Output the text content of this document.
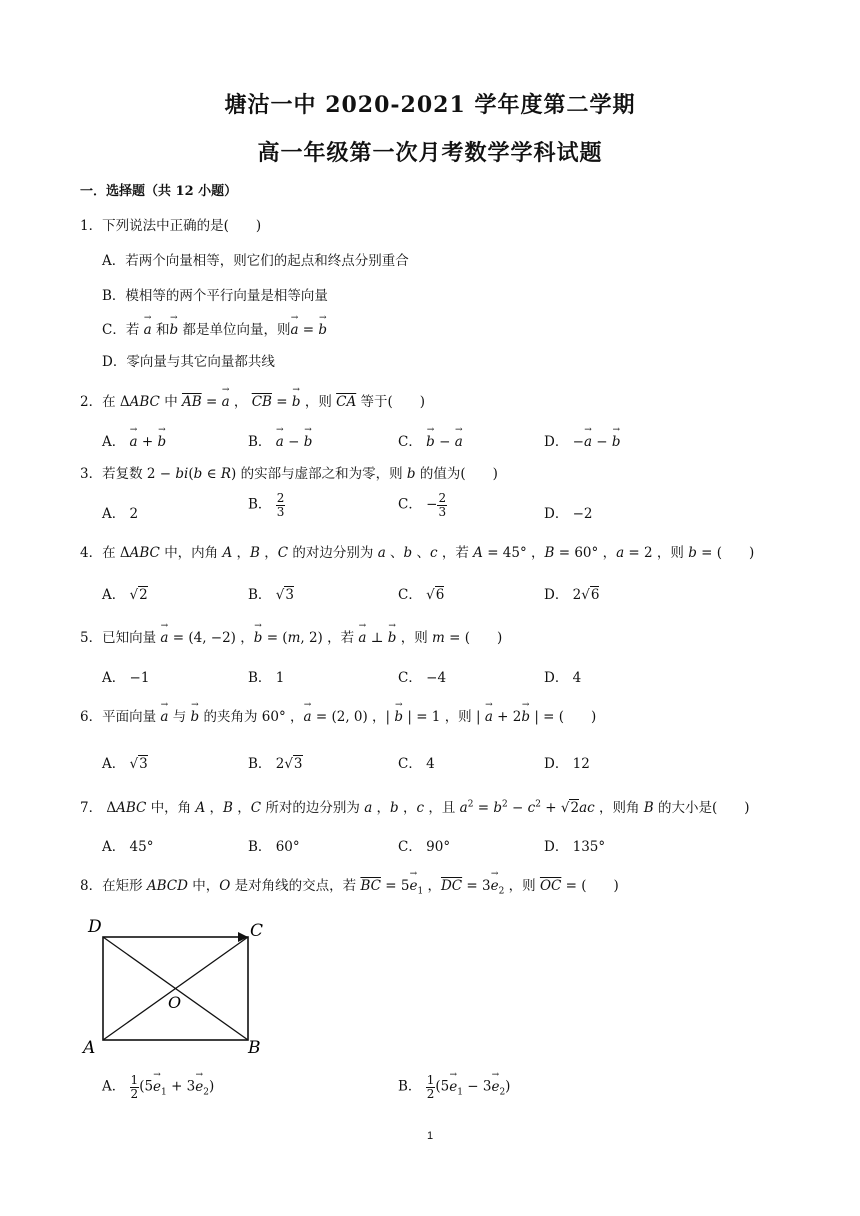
塘沽一中 2020-2021 学年度第二学期
高一年级第一次月考数学学科试题
一．选择题（共 12 小题）
1．下列说法中正确的是(　　)
A．若两个向量相等，则它们的起点和终点分别重合
B．模相等的两个平行向量是相等向量
C．若 a → 和b → 都是单位向量，则a → = b →
D．零向量与其它向量都共线
2．在 ΔABC 中 $\overline{AB} = a$ → ， $\overline{CB} = b$ → ，则 $\overline{CA}$ 等于(　　)
A． a → + b →	B． a → − b →	C． b → − a →	D． −a → − b →
3．若复数 2 − bi(b ∈ R) 的实部与虚部之和为零，则 b 的值为(　　)
A． 2
B． $\frac{2}{3}$	C． − $\frac{2}{3}$	D． −2
4．在 ΔABC 中，内角 A ，B ，C 的对边分别为 a 、b 、c ，若 A = 45° ，B = 60° ，a = 2 ，则 b = (　　)
A． √2	B． √3	C． √6	D． 2√6
5．已知向量 a → = (4, −2) ，b → = (m, 2) ，若 a → ⊥ b → ，则 m = (　　)
A． −1	B． 1	C． −4	D． 4
6．平面向量 a → 与 b → 的夹角为 60° ，a → = (2, 0) ，| b → | = 1 ，则 | a → + 2b → | = (　　)
A． √3	B． 2√3	C． 4	D． 12
7． ΔABC 中，角 A ，B ，C 所对的边分别为 a ，b ，c ，且 $a^2 = b^2 - c^2 + √2ac$ ，则角 B 的大小是(　　)
A． 45°	B． 60°	C． 90°	D． 135°
8．在矩形 ABCD 中，O 是对角线的交点，若 $\overline{BC} = 5e \to_1$ ，$\overline{DC} = 3e \to_2$ ，则 $\overline{OC}$ = (　　)
D	C
A	B
O
A． $\frac{1}{2} (5e \to_1 + 3e \to_2)$	B． $\frac{1}{2} (5e \to_1 - 3e \to_2)$
1
